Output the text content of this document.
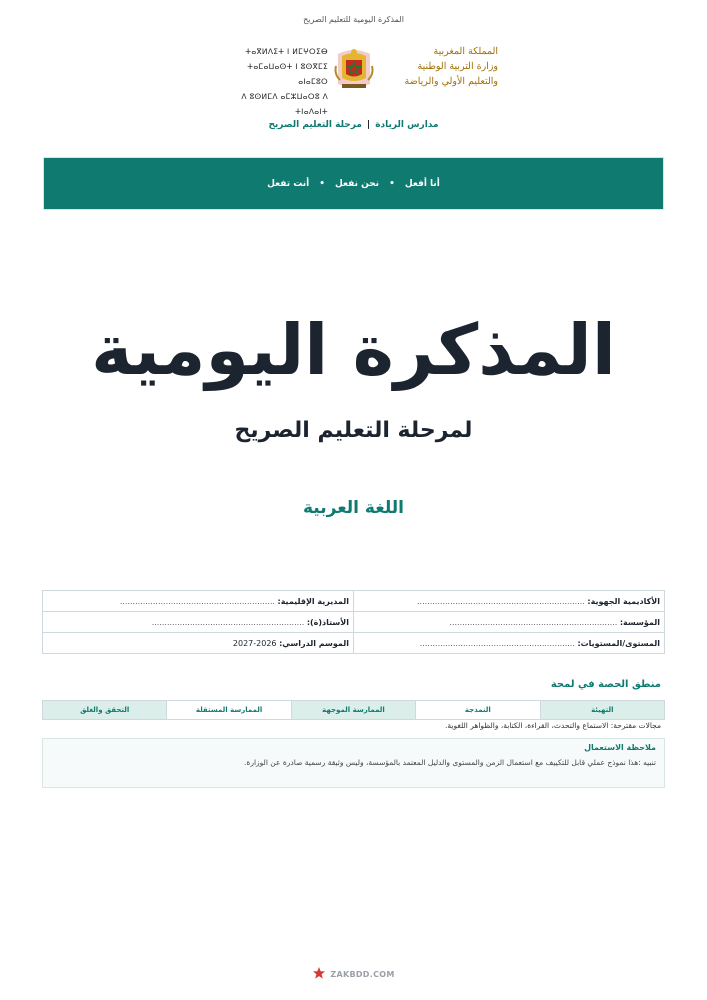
المذكرة اليومية للتعليم الصريح
ⵜⴰⴳⵍⴷⵉⵜ ⵏ ⵍⵎⵖⵔⵉⴱ
ⵜⴰⵎⴰⵡⴰⵙⵜ ⵏ ⵓⵙⴳⵎⵉ ⴰⵏⴰⵎⵓⵔ
ⴷ ⵓⵙⵍⵎⴷ ⴰⵎⵣⵡⴰⵔⵓ ⴷ ⵜⵏⴰⴷⴰⵏⵜ
المملكة المغربية
وزارة التربية الوطنية
والتعليم الأولي والرياضة
مدارس الريادة|مرحلة التعليم الصريح
أنا أفعل
•
نحن نفعل
•
أنت تفعل
المذكرة اليومية
لمرحلة التعليم الصريح
اللغة العربية
الأكاديمية الجهوية: ..................................................................	المديرية الإقليمية: .............................................................
المؤسسة: ..................................................................	الأستاذ(ة): ............................................................
المستوى/المستويات: .............................................................	الموسم الدراسي: 2026-2027
منطق الحصة في لمحة
التهيئة
النمذجة
الممارسة الموجهة
الممارسة المستقلة
التحقق والغلق
مجالات مقترحة: الاستماع والتحدث، القراءة، الكتابة، والظواهر اللغوية.
ملاحظة الاستعمال
تنبيه :هذا نموذج عملي قابل للتكييف مع استعمال الزمن والمستوى والدليل المعتمد بالمؤسسة، وليس وثيقة رسمية صادرة عن الوزارة.
ZAKBDD.COM
